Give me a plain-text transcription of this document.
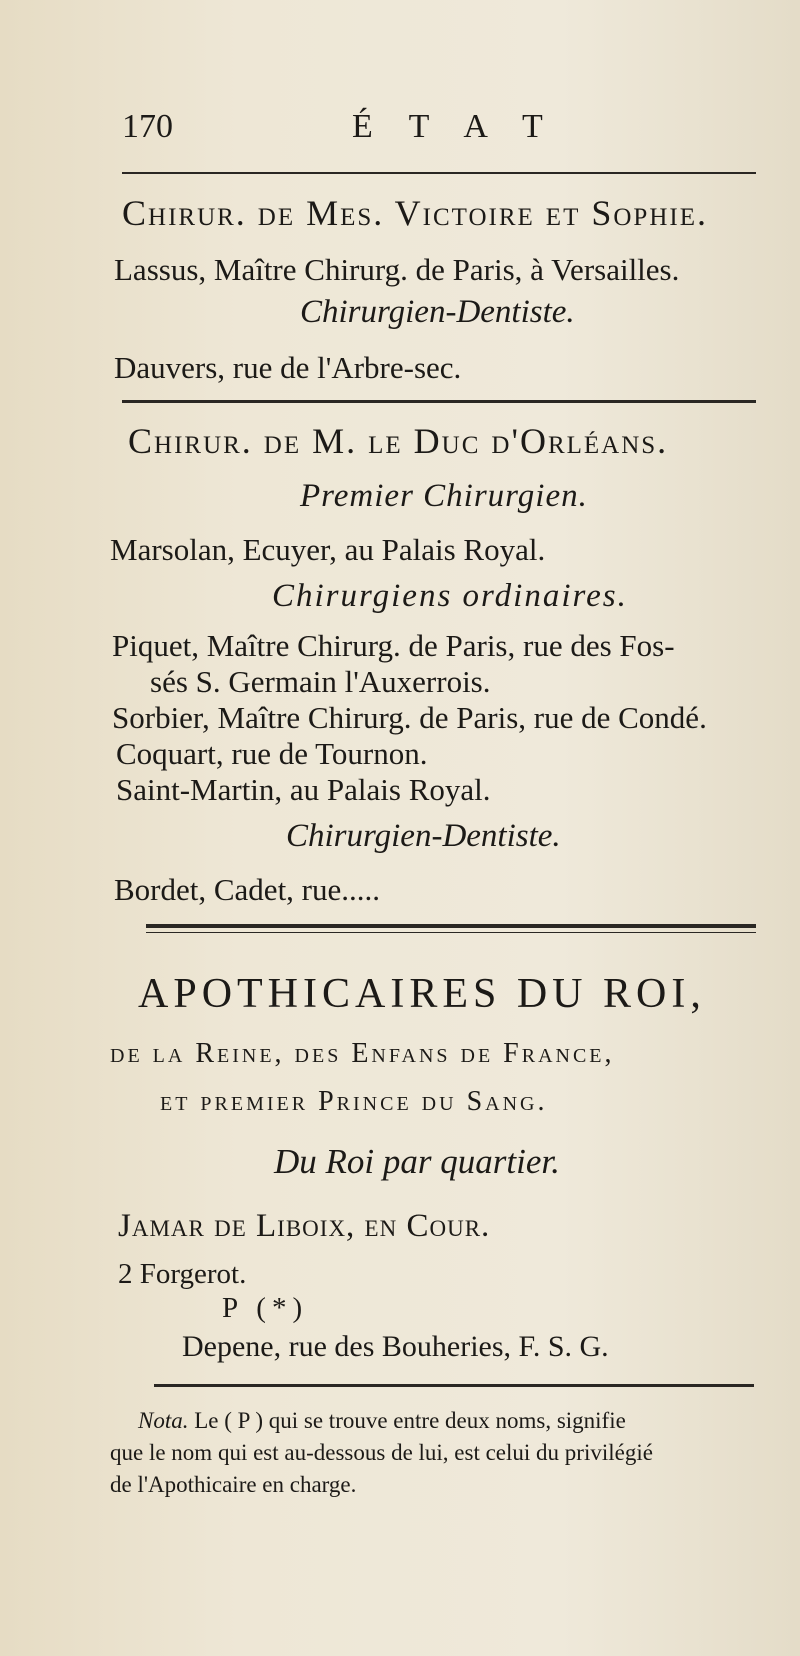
170	É T A T
Chirur. de Mes. Victoire et Sophie.
Lassus, Maître Chirurg. de Paris, à Versailles.
Chirurgien-Dentiste.
Dauvers, rue de l'Arbre-sec.
Chirur. de M. le Duc d'Orléans.
Premier Chirurgien.
Marsolan, Ecuyer, au Palais Royal.
Chirurgiens ordinaires.
Piquet, Maître Chirurg. de Paris, rue des Fos-
sés S. Germain l'Auxerrois.
Sorbier, Maître Chirurg. de Paris, rue de Condé.
Coquart, rue de Tournon.
Saint-Martin, au Palais Royal.
Chirurgien-Dentiste.
Bordet, Cadet, rue.....
APOTHICAIRES DU ROI,
de la Reine, des Enfans de France,
et premier Prince du Sang.
Du Roi par quartier.
Jamar de Liboix, en Cour.
2 Forgerot.
P (*)
Depene, rue des Bouheries, F. S. G.
Nota. Le ( P ) qui se trouve entre deux noms, signifie
que le nom qui est au-dessous de lui, est celui du privilégié
de l'Apothicaire en charge.
